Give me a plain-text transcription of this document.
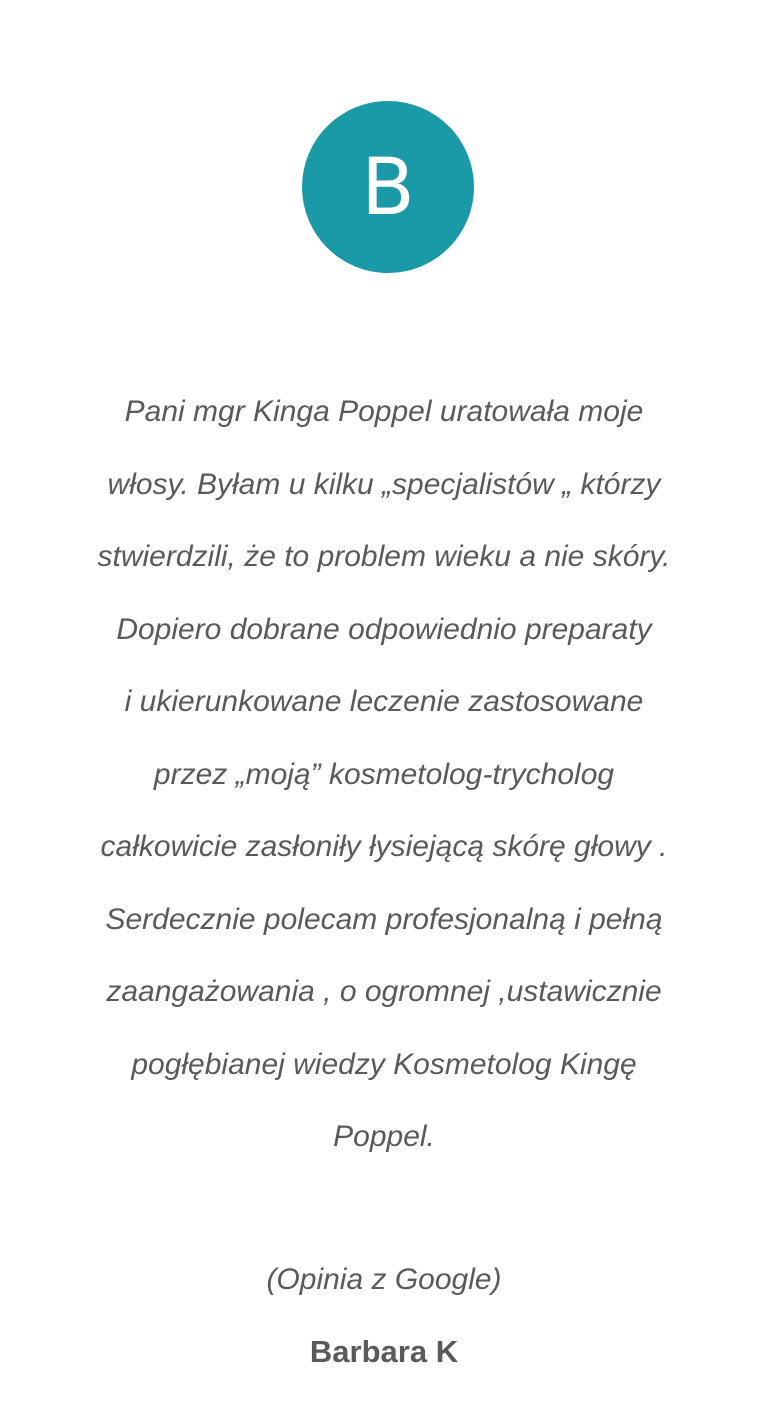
B

Pani mgr Kinga Poppel uratowała moje
włosy. Byłam u kilku „specjalistów „ którzy
stwierdzili, że to problem wieku a nie skóry.
Dopiero dobrane odpowiednio preparaty
i ukierunkowane leczenie zastosowane
przez „moją” kosmetolog-trycholog
całkowicie zasłoniły łysiejącą skórę głowy .
Serdecznie polecam profesjonalną i pełną
zaangażowania , o ogromnej ,ustawicznie
pogłębianej wiedzy Kosmetolog Kingę
Poppel.

(Opinia z Google)
Barbara K
